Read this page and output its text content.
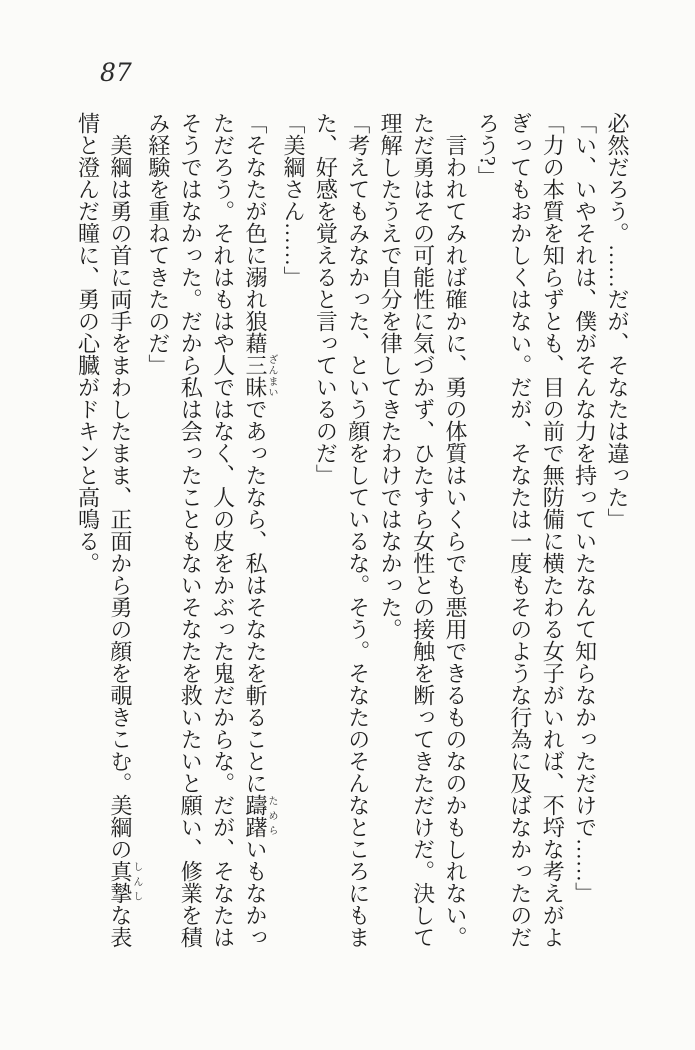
87

必然だろう。……だが、そなたは違った」

「い、いやそれは、僕がそんな力を持っていたなんて知らなかっただけで……」

「力の本質を知らずとも、目の前で無防備に横たわる女子がいれば、不埒な考えがよ

ぎってもおかしくはない。だが、そなたは一度もそのような行為に及ばなかったのだ

ろう?」

言われてみれば確かに、勇の体質はいくらでも悪用できるものなのかもしれない。

ただ勇はその可能性に気づかず、ひたすら女性との接触を断ってきただけだ。決して

理解したうえで自分を律してきたわけではなかった。

「考えてもみなかった、という顔をしているな。そう。そなたのそんなところにもま

た、好感を覚えると言っているのだ」

「美綱さん……」

「そなたが色に溺れ狼藉三昧ざんまいであったなら、私はそなたを斬ることに躊躇ためらいもなかっ

ただろう。それはもはや人ではなく、人の皮をかぶった鬼だからな。だが、そなたは

そうではなかった。だから私は会ったこともないそなたを救いたいと願い、修業を積

み経験を重ねてきたのだ」

美綱は勇の首に両手をまわしたまま、正面から勇の顔を覗きこむ。美綱の真摯しんしな表

情と澄んだ瞳に、勇の心臓がドキンと高鳴る。
